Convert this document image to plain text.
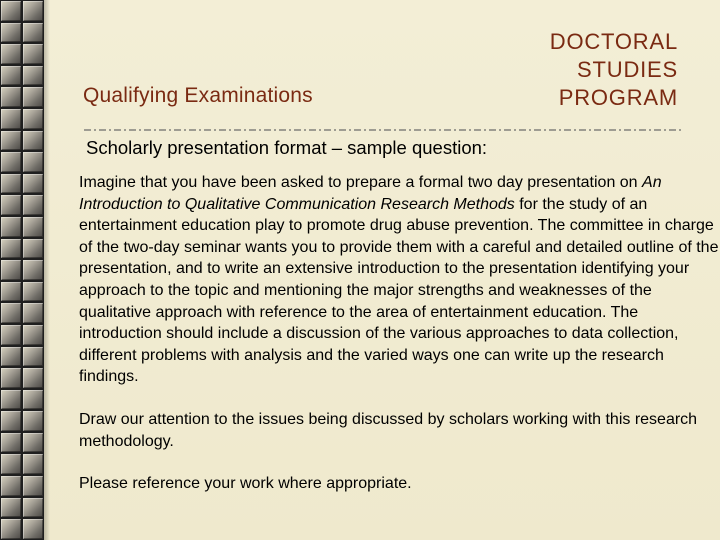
Qualifying Examinations
DOCTORAL
STUDIES
PROGRAM
Scholarly presentation format – sample question:

Imagine that you have been asked to prepare a formal two day presentation on An Introduction to Qualitative Communication Research Methods for the study of an entertainment education play to promote drug abuse prevention. The committee in charge of the two-day seminar wants you to provide them with a careful and detailed outline of the presentation, and to write an extensive introduction to the presentation identifying your approach to the topic and mentioning the major strengths and weaknesses of the qualitative approach with reference to the area of entertainment education. The introduction should include a discussion of the various approaches to data collection, different problems with analysis and the varied ways one can write up the research findings.

Draw our attention to the issues being discussed by scholars working with this research methodology.

Please reference your work where appropriate.
